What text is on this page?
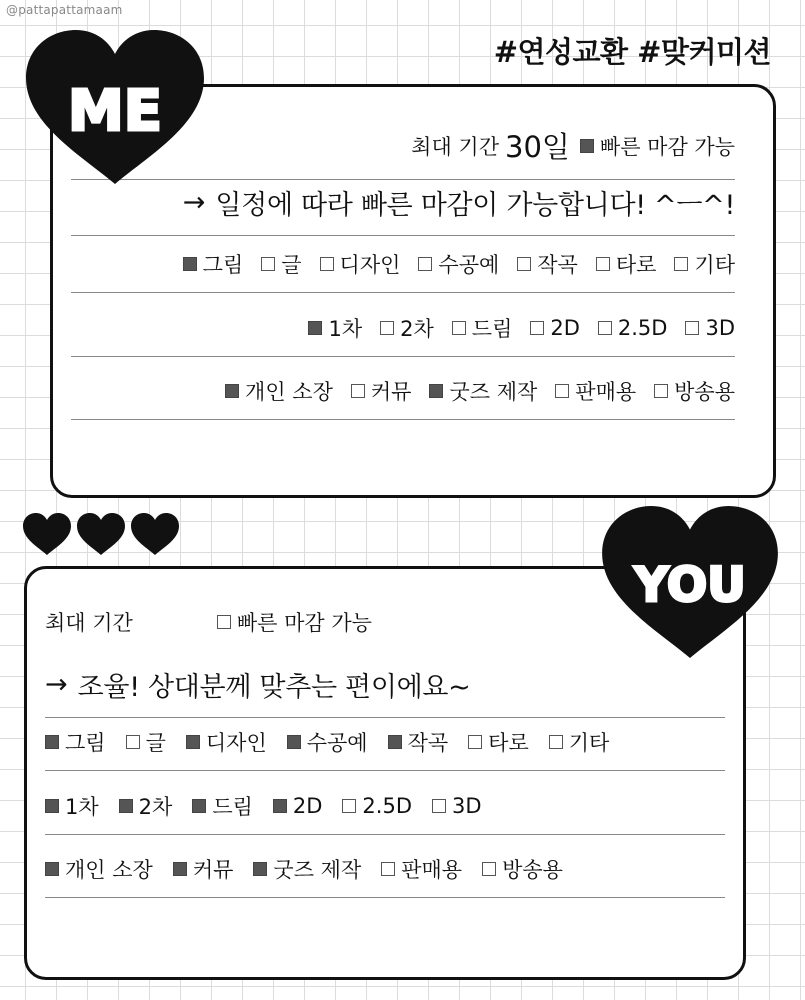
@pattapattamaam
#연성교환 #맞커미션
최대 기간 30일 빠른 마감 가능
→ 일정에 따라 빠른 마감이 가능합니다! ^ㅡ^!
그림 글 디자인 수공예 작곡 타로 기타
1차 2차 드림 2D 2.5D 3D
개인 소장 커뮤 굿즈 제작 판매용 방송용
ME
최대 기간	빠른 마감 가능
→ 조율! 상대분께 맞추는 편이에요~
그림 글 디자인 수공예 작곡 타로 기타
1차 2차 드림 2D 2.5D 3D
개인 소장 커뮤 굿즈 제작 판매용 방송용
YOU
